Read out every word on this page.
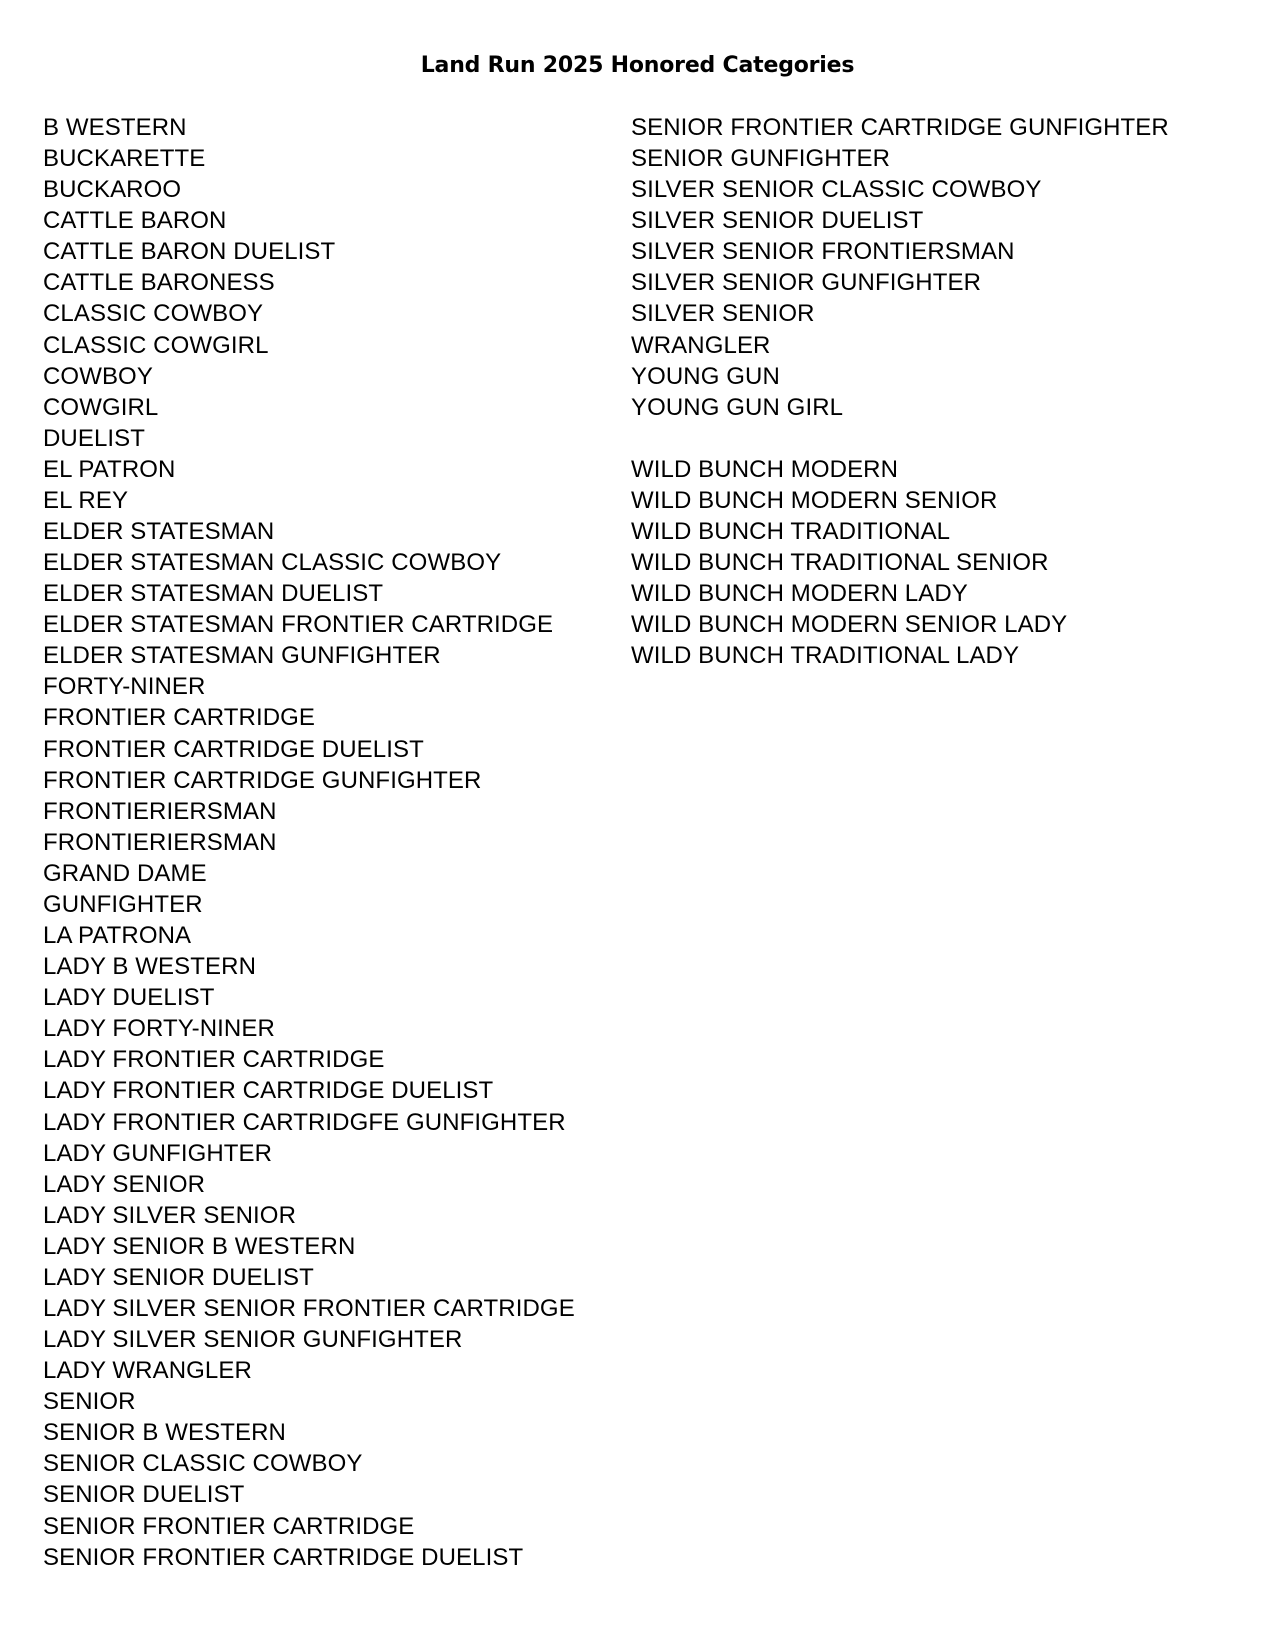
Land Run 2025 Honored Categories
B WESTERN
BUCKARETTE
BUCKAROO
CATTLE BARON
CATTLE BARON DUELIST
CATTLE BARONESS
CLASSIC COWBOY
CLASSIC COWGIRL
COWBOY
COWGIRL
DUELIST
EL PATRON
EL REY
ELDER STATESMAN
ELDER STATESMAN CLASSIC COWBOY
ELDER STATESMAN DUELIST
ELDER STATESMAN FRONTIER CARTRIDGE
ELDER STATESMAN GUNFIGHTER
FORTY-NINER
FRONTIER CARTRIDGE
FRONTIER CARTRIDGE DUELIST
FRONTIER CARTRIDGE GUNFIGHTER
FRONTIERIERSMAN
FRONTIERIERSMAN
GRAND DAME
GUNFIGHTER
LA PATRONA
LADY B WESTERN
LADY DUELIST
LADY FORTY-NINER
LADY FRONTIER CARTRIDGE
LADY FRONTIER CARTRIDGE DUELIST
LADY FRONTIER CARTRIDGFE GUNFIGHTER
LADY GUNFIGHTER
LADY SENIOR
LADY SILVER SENIOR
LADY SENIOR B WESTERN
LADY SENIOR DUELIST
LADY SILVER SENIOR FRONTIER CARTRIDGE
LADY SILVER SENIOR GUNFIGHTER
LADY WRANGLER
SENIOR
SENIOR B WESTERN
SENIOR CLASSIC COWBOY
SENIOR DUELIST
SENIOR FRONTIER CARTRIDGE
SENIOR FRONTIER CARTRIDGE DUELIST
SENIOR FRONTIER CARTRIDGE GUNFIGHTER
SENIOR GUNFIGHTER
SILVER SENIOR CLASSIC COWBOY
SILVER SENIOR DUELIST
SILVER SENIOR FRONTIERSMAN
SILVER SENIOR GUNFIGHTER
SILVER SENIOR
WRANGLER
YOUNG GUN
YOUNG GUN GIRL
WILD BUNCH MODERN
WILD BUNCH MODERN SENIOR
WILD BUNCH TRADITIONAL
WILD BUNCH TRADITIONAL SENIOR
WILD BUNCH MODERN LADY
WILD BUNCH MODERN SENIOR LADY
WILD BUNCH TRADITIONAL LADY
